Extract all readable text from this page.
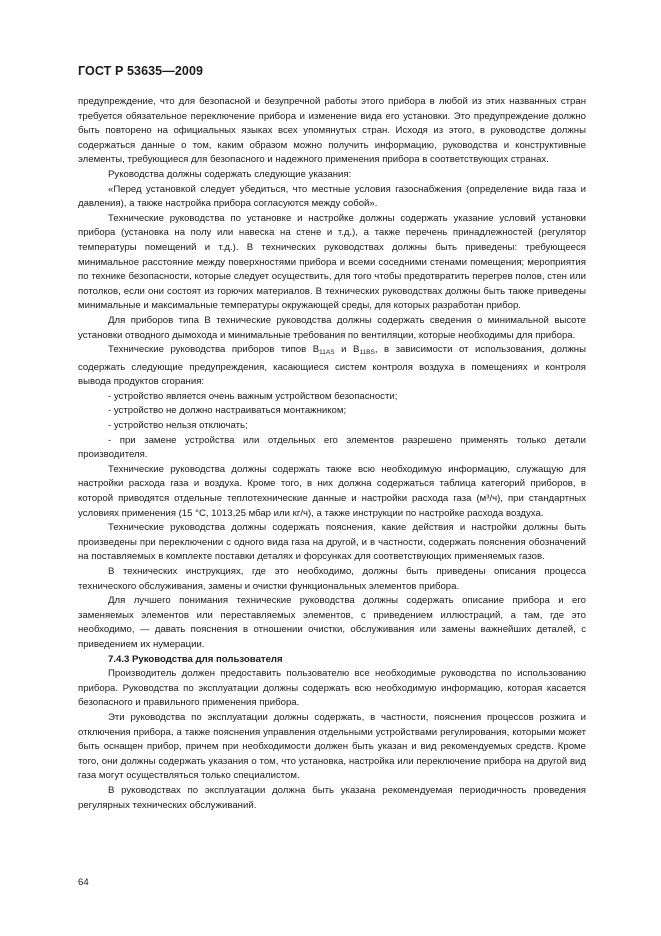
ГОСТ Р 53635—2009

предупреждение, что для безопасной и безупречной работы этого прибора в любой из этих названных стран требуется обязательное переключение прибора и изменение вида его установки. Это предупреждение должно быть повторено на официальных языках всех упомянутых стран. Исходя из этого, в руководстве должны содержаться данные о том, каким образом можно получить информацию, руководства и конструктивные элементы, требующиеся для безопасного и надежного применения прибора в соответствующих странах.

Руководства должны содержать следующие указания:

«Перед установкой следует убедиться, что местные условия газоснабжения (определение вида газа и давления), а также настройка прибора согласуются между собой».

Технические руководства по установке и настройке должны содержать указание условий установки прибора (установка на полу или навеска на стене и т.д.), а также перечень принадлежностей (регулятор температуры помещений и т.д.). В технических руководствах должны быть приведены: требующееся минимальное расстояние между поверхностями прибора и всеми соседними стенами помещения; мероприятия по технике безопасности, которые следует осуществить, для того чтобы предотвратить перегрев полов, стен или потолков, если они состоят из горючих материалов. В технических руководствах должны быть также приведены минимальные и максимальные температуры окружающей среды, для которых разработан прибор.

Для приборов типа В технические руководства должны содержать сведения о минимальной высоте установки отводного дымохода и минимальные требования по вентиляции, которые необходимы для прибора.

Технические руководства приборов типов $В_{11AS}$ и $В_{11BS}$, в зависимости от использования, должны содержать следующие предупреждения, касающиеся систем контроля воздуха в помещениях и контроля вывода продуктов сгорания:

- устройство является очень важным устройством безопасности;

- устройство не должно настраиваться монтажником;

- устройство нельзя отключать;

- при замене устройства или отдельных его элементов разрешено применять только детали производителя.

Технические руководства должны содержать также всю необходимую информацию, служащую для настройки расхода газа и воздуха. Кроме того, в них должна содержаться таблица категорий приборов, в которой приводятся отдельные теплотехнические данные и настройки расхода газа (м³/ч), при стандартных условиях применения (15 °С, 1013,25 мбар или кг/ч), а также инструкции по настройке расхода воздуха.

Технические руководства должны содержать пояснения, какие действия и настройки должны быть произведены при переключении с одного вида газа на другой, и в частности, содержать пояснения обозначений на поставляемых в комплекте поставки деталях и форсунках для соответствующих применяемых газов.

В технических инструкциях, где это необходимо, должны быть приведены описания процесса технического обслуживания, замены и очистки функциональных элементов прибора.

Для лучшего понимания технические руководства должны содержать описание прибора и его заменяемых элементов или переставляемых элементов, с приведением иллюстраций, а там, где это необходимо, — давать пояснения в отношении очистки, обслуживания или замены важнейших деталей, с приведением их нумерации.

7.4.3 Руководства для пользователя

Производитель должен предоставить пользователю все необходимые руководства по использованию прибора. Руководства по эксплуатации должны содержать всю необходимую информацию, которая касается безопасного и правильного применения прибора.

Эти руководства по эксплуатации должны содержать, в частности, пояснения процессов розжига и отключения прибора, а также пояснения управления отдельными устройствами регулирования, которыми может быть оснащен прибор, причем при необходимости должен быть указан и вид рекомендуемых средств. Кроме того, они должны содержать указания о том, что установка, настройка или переключение прибора на другой вид газа могут осуществляться только специалистом.

В руководствах по эксплуатации должна быть указана рекомендуемая периодичность проведения регулярных технических обслуживаний.

64
